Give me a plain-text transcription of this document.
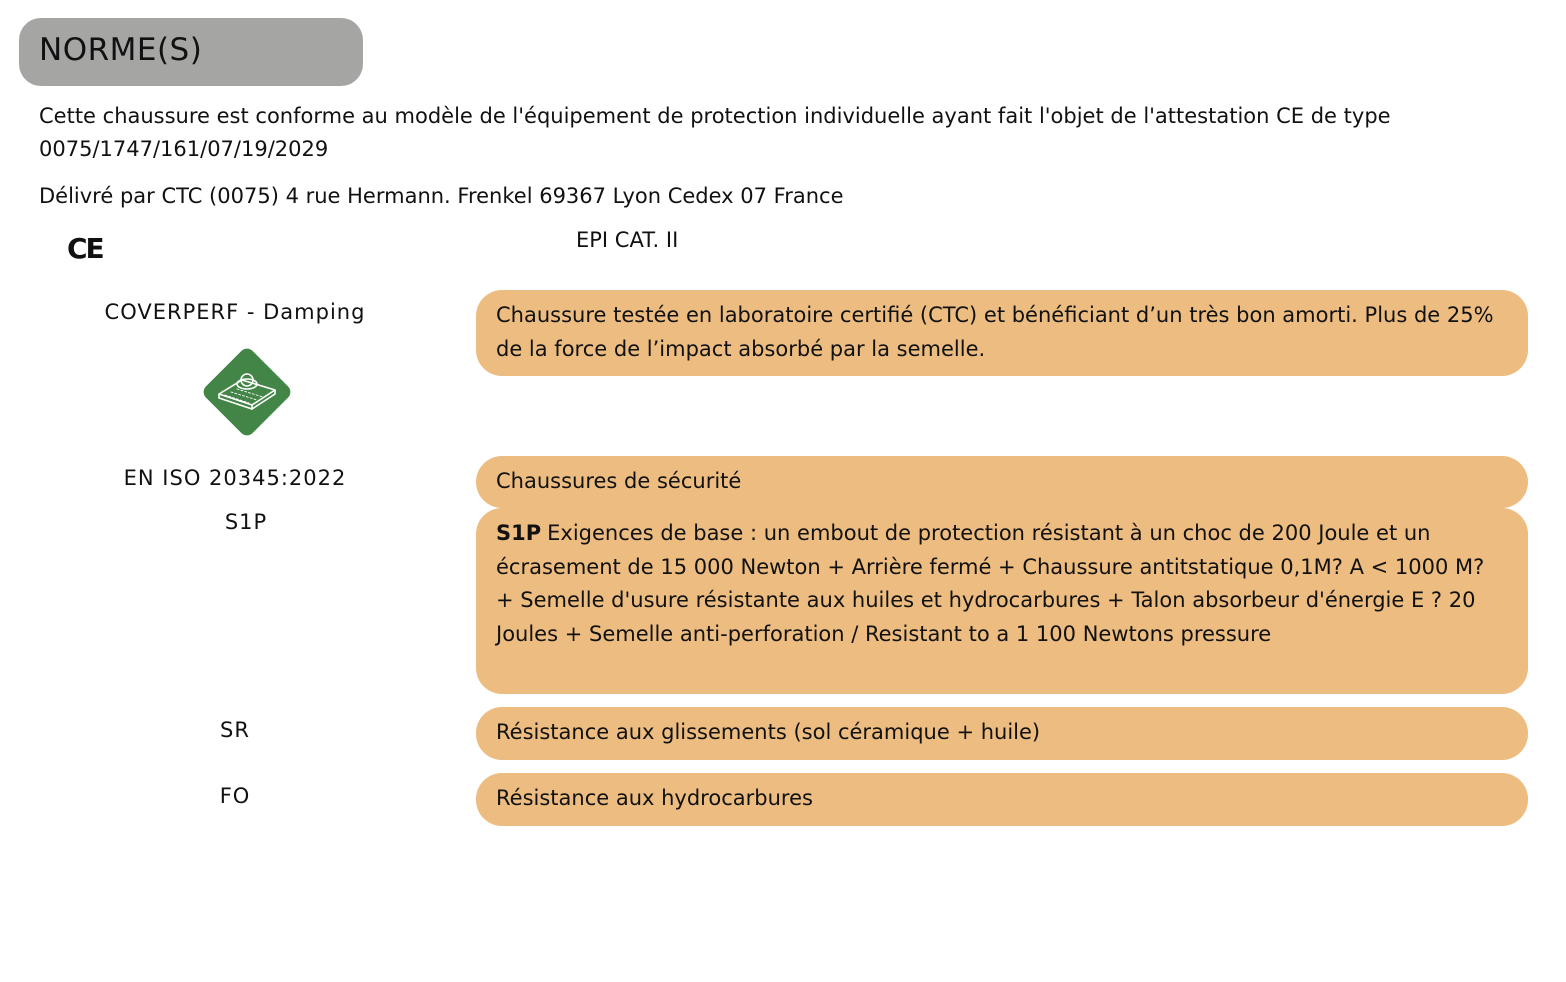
NORME(S)
Cette chaussure est conforme au modèle de l'équipement de protection individuelle ayant fait l'objet de l'attestation CE de type 0075/1747/161/07/19/2029
Délivré par CTC (0075) 4 rue Hermann. Frenkel 69367 Lyon Cedex 07 France
CE	EPI CAT. II
COVERPERF - Damping	Chaussure testée en laboratoire certifié (CTC) et bénéficiant d’un très bon amorti. Plus de 25% de la force de l’impact absorbé par la semelle.
EN ISO 20345:2022	Chaussures de sécurité
S1P	S1P Exigences de base : un embout de protection résistant à un choc de 200 Joule et un écrasement de 15 000 Newton + Arrière fermé + Chaussure antitstatique 0,1M? A < 1000 M? + Semelle d'usure résistante aux huiles et hydrocarbures + Talon absorbeur d'énergie E ? 20 Joules + Semelle anti-perforation / Resistant to a 1 100 Newtons pressure
SR	Résistance aux glissements (sol céramique + huile)
FO	Résistance aux hydrocarbures
